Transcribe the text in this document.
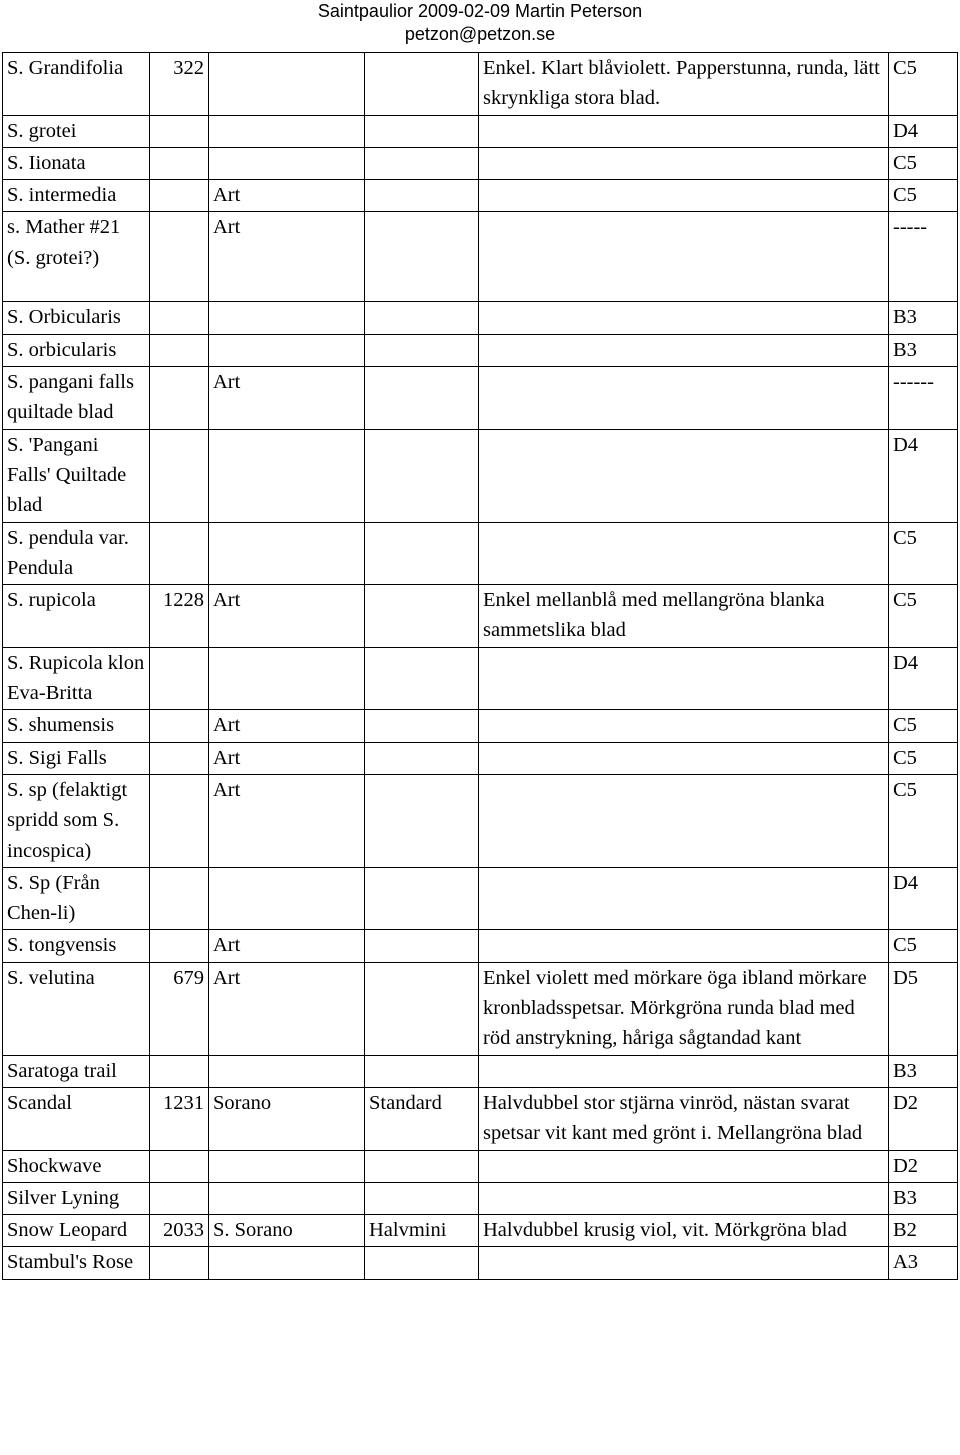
Saintpaulior 2009-02-09 Martin Peterson
petzon@petzon.se
S. Grandifolia	322			Enkel. Klart blåviolett. Papperstunna, runda, lätt skrynkliga stora blad.	C5
S. grotei					D4
S. Iionata					C5
S. intermedia		Art			C5
s. Mather #21 (S. grotei?)		Art			-----
S. Orbicularis					B3
S. orbicularis					B3
S. pangani falls quiltade blad		Art			------
S. 'Pangani Falls' Quiltade blad					D4
S. pendula var. Pendula					C5
S. rupicola	1228	Art		Enkel mellanblå med mellangröna blanka sammetslika blad	C5
S. Rupicola klon Eva-Britta					D4
S. shumensis		Art			C5
S. Sigi Falls		Art			C5
S. sp (felaktigt spridd som S. incospica)		Art			C5
S. Sp (Från Chen-li)					D4
S. tongvensis		Art			C5
S. velutina	679	Art		Enkel violett med mörkare öga ibland mörkare kronbladsspetsar. Mörkgröna runda blad med röd anstrykning, håriga sågtandad kant	D5
Saratoga trail					B3
Scandal	1231	Sorano	Standard	Halvdubbel stor stjärna vinröd, nästan svarat spetsar vit kant med grönt i. Mellangröna blad	D2
Shockwave					D2
Silver Lyning					B3
Snow Leopard	2033	S. Sorano	Halvmini	Halvdubbel krusig viol, vit. Mörkgröna blad	B2
Stambul's Rose					A3
